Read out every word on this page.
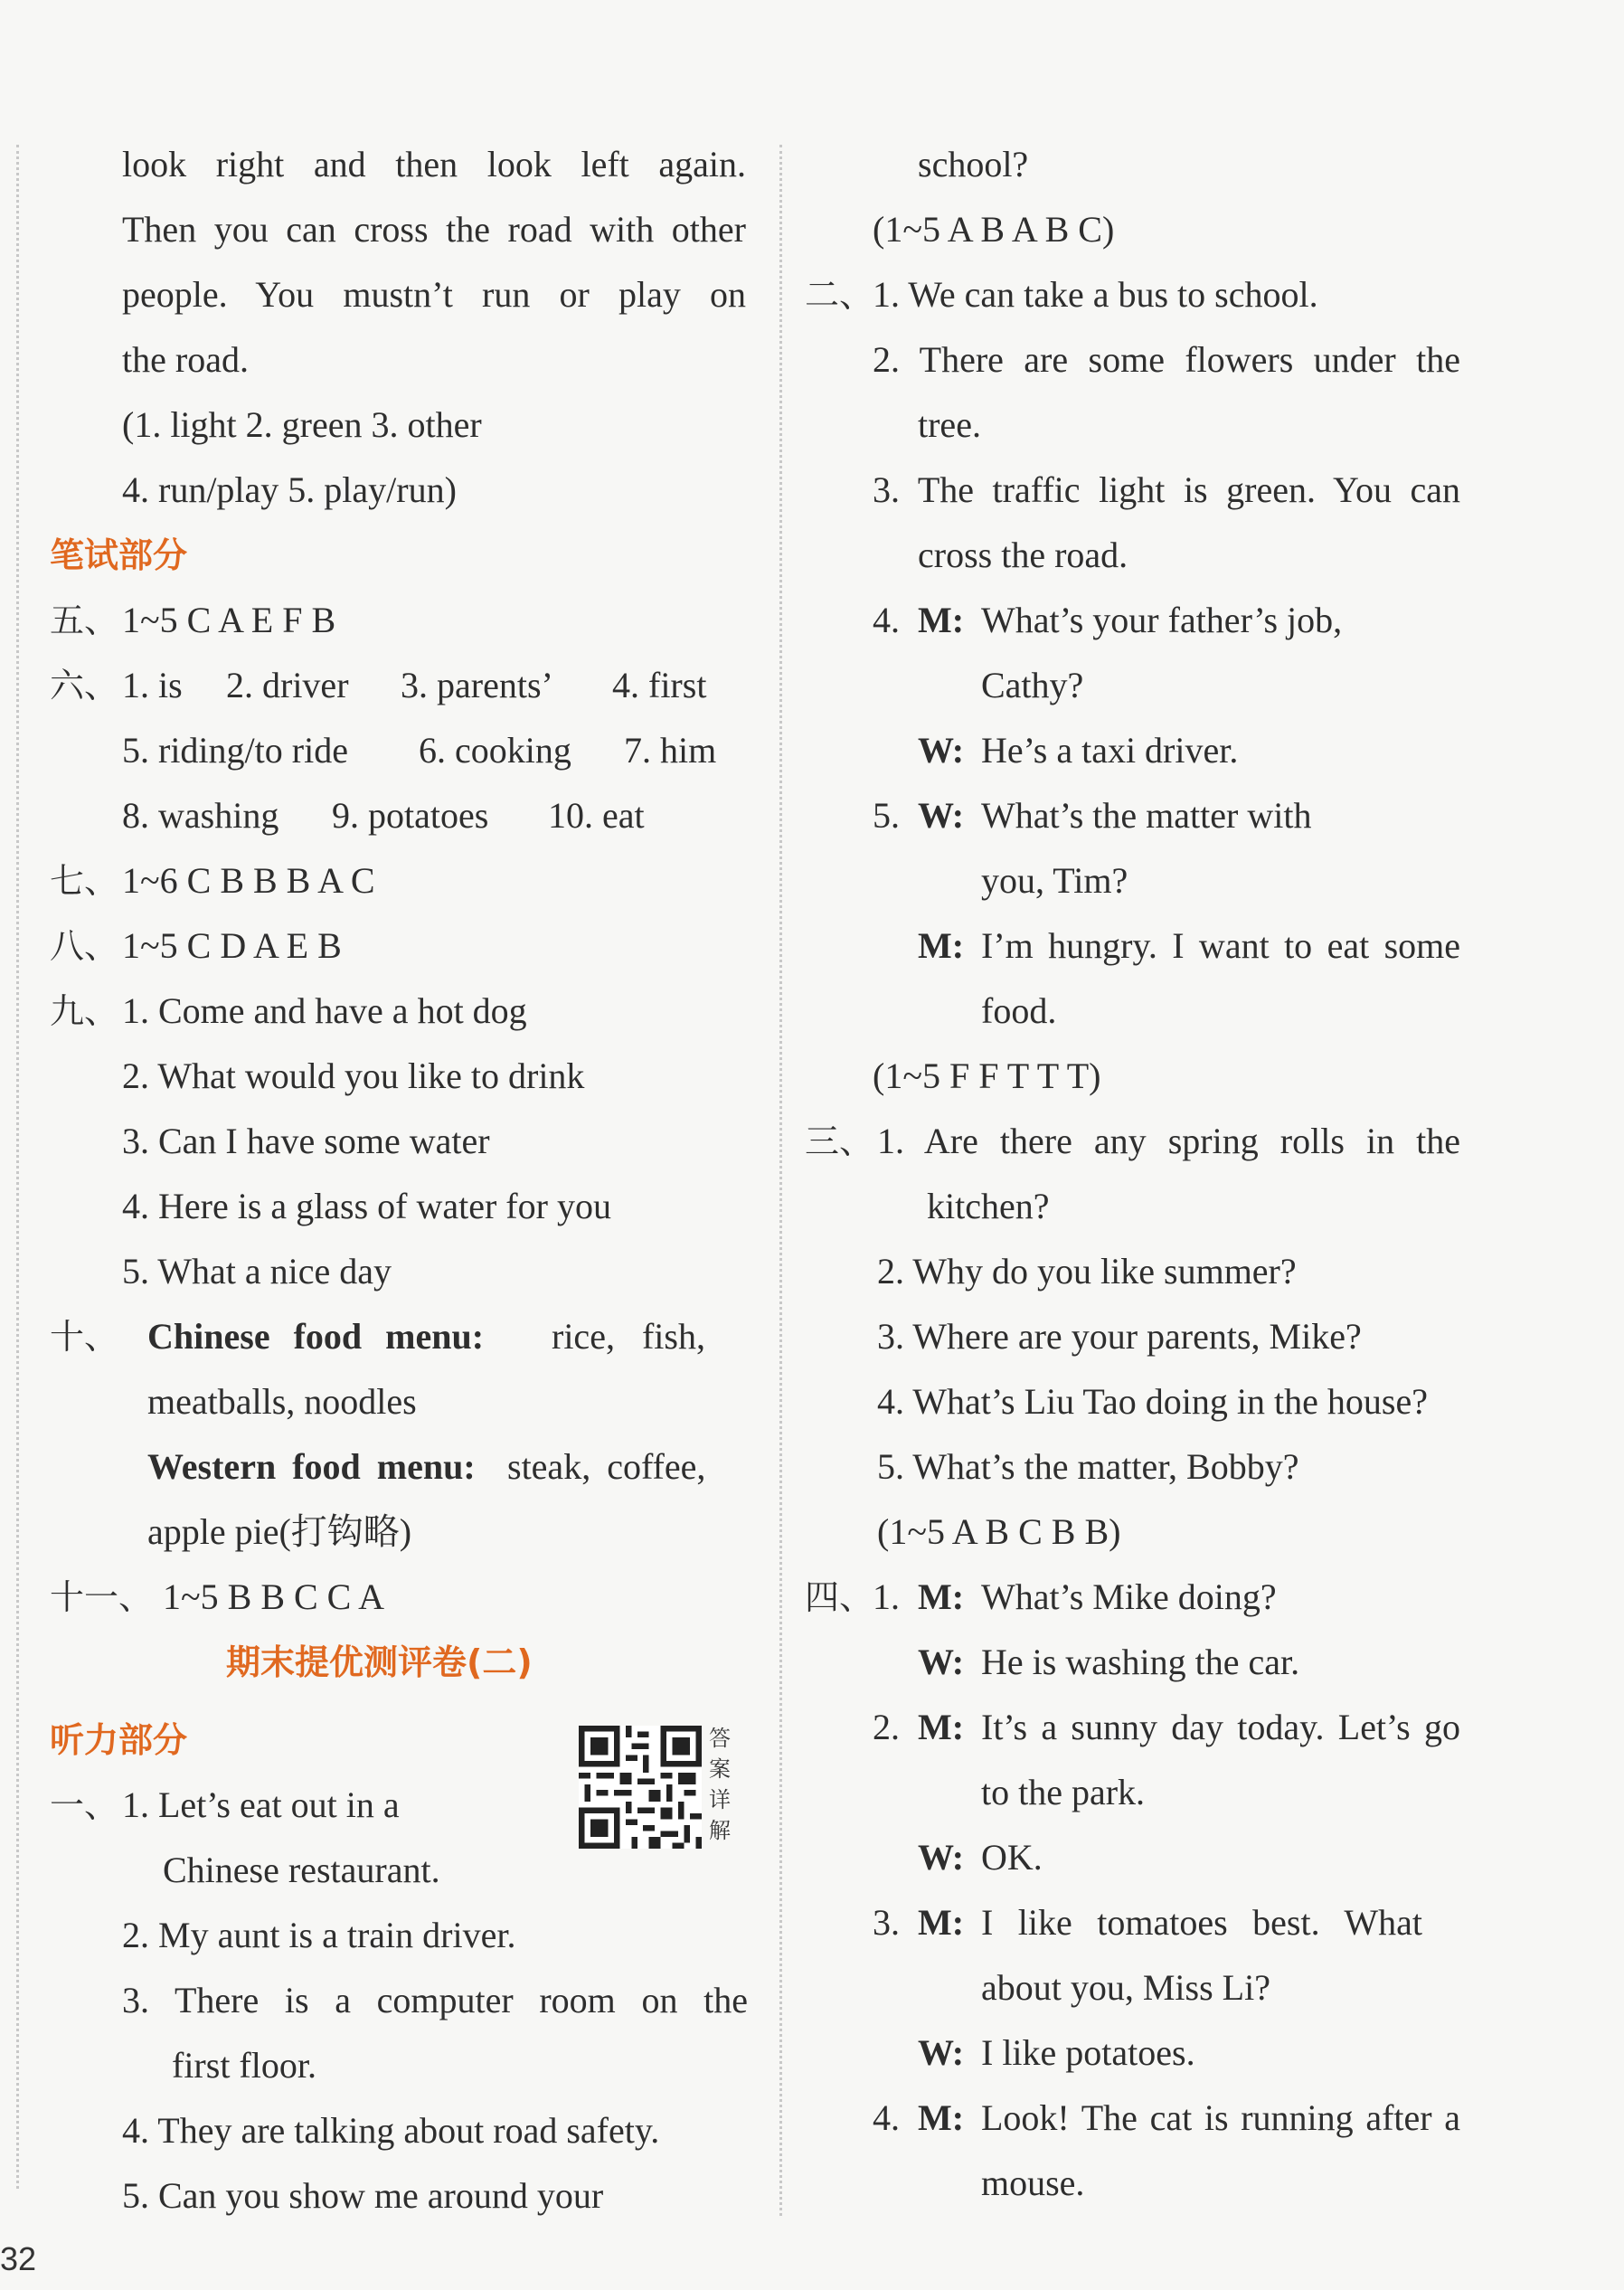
look right and then look left again.
Then you can cross the road with other
people. You mustn’t run or play on
the road.
(1. light 2. green 3. other
4. run/play 5. play/run)
笔试部分
五、 1~5 C A E F B
六、 1. is 2. driver 3. parents’ 4. first
5. riding/to ride 6. cooking 7. him
8. washing 9. potatoes 10. eat
七、 1~6 C B B B A C
八、 1~5 C D A E B
九、 1. Come and have a hot dog
2. What would you like to drink
3. Can I have some water
4. Here is a glass of water for you
5. What a nice day
十、 Chinese food menu: rice, fish,
meatballs, noodles
Western food menu: steak, coffee,
apple pie(打钩略)
十一、 1~5 B B C C A
期末提优测评卷(二)
听力部分
一、 1. Let’s eat out in a
Chinese restaurant.
2. My aunt is a train driver.
3. There is a computer room on the
first floor.
4. They are talking about road safety.
5. Can you show me around your
答案详解
school?
(1~5 A B A B C)
二、
1. We can take a bus to school.
2. There are some flowers under the
tree.
3. The traffic light is green. You can
cross the road.
4. M: What’s your father’s job,
Cathy?
W: He’s a taxi driver.
5. W: What’s the matter with
you, Tim?
M: I’m hungry. I want to eat some
food.
(1~5 F F T T T)
三、 1. Are there any spring rolls in the
kitchen?
2. Why do you like summer?
3. Where are your parents, Mike?
4. What’s Liu Tao doing in the house?
5. What’s the matter, Bobby?
(1~5 A B C B B)
四、
1. M: What’s Mike doing?
W: He is washing the car.
2. M: It’s a sunny day today. Let’s go
to the park.
W: OK.
3. M: I like tomatoes best. What
about you, Miss Li?
W: I like potatoes.
4. M: Look! The cat is running after a
mouse.
32
